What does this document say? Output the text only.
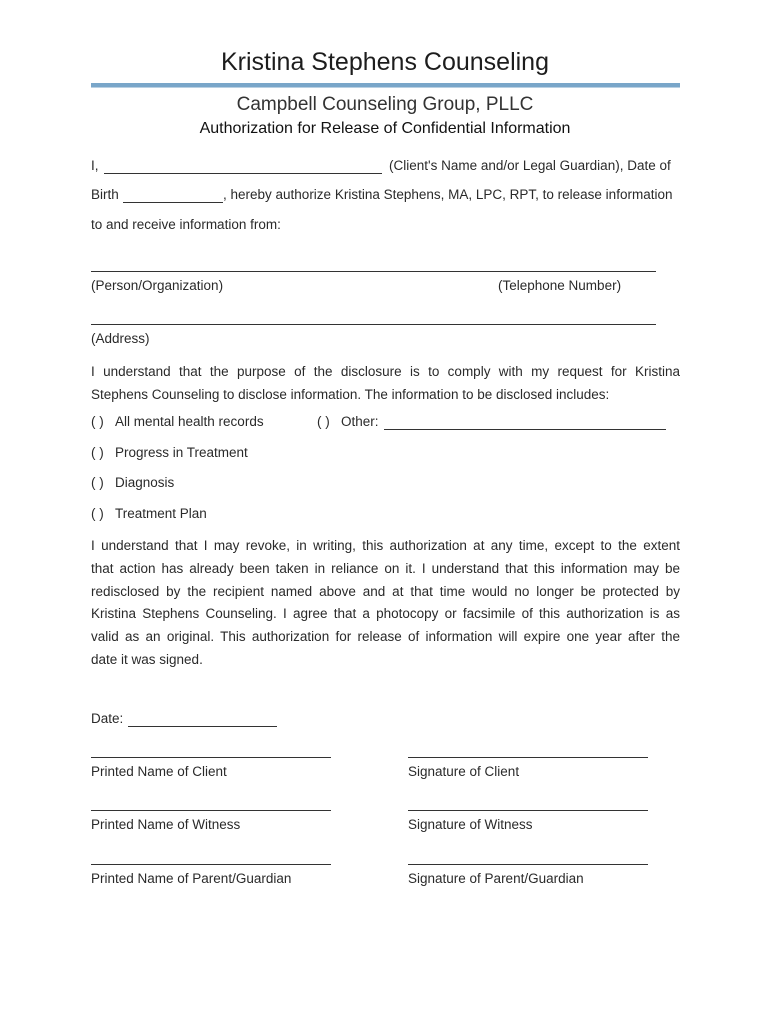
Kristina Stephens Counseling
Campbell Counseling Group, PLLC
Authorization for Release of Confidential Information
I,	(Client's Name and/or Legal Guardian), Date of
Birth	, hereby authorize Kristina Stephens, MA, LPC, RPT, to release information
to and receive information from:
(Person/Organization)	(Telephone Number)
(Address)
I understand that the purpose of the disclosure is to comply with my request for Kristina
Stephens Counseling to disclose information. The information to be disclosed includes:
( ) All mental health records	( ) Other:
( ) Progress in Treatment
( ) Diagnosis
( ) Treatment Plan
I understand that I may revoke, in writing, this authorization at any time, except to the extent
that action has already been taken in reliance on it. I understand that this information may be
redisclosed by the recipient named above and at that time would no longer be protected by
Kristina Stephens Counseling. I agree that a photocopy or facsimile of this authorization is as
valid as an original. This authorization for release of information will expire one year after the
date it was signed.
Date:
Printed Name of Client	Signature of Client
Printed Name of Witness	Signature of Witness
Printed Name of Parent/Guardian	Signature of Parent/Guardian
